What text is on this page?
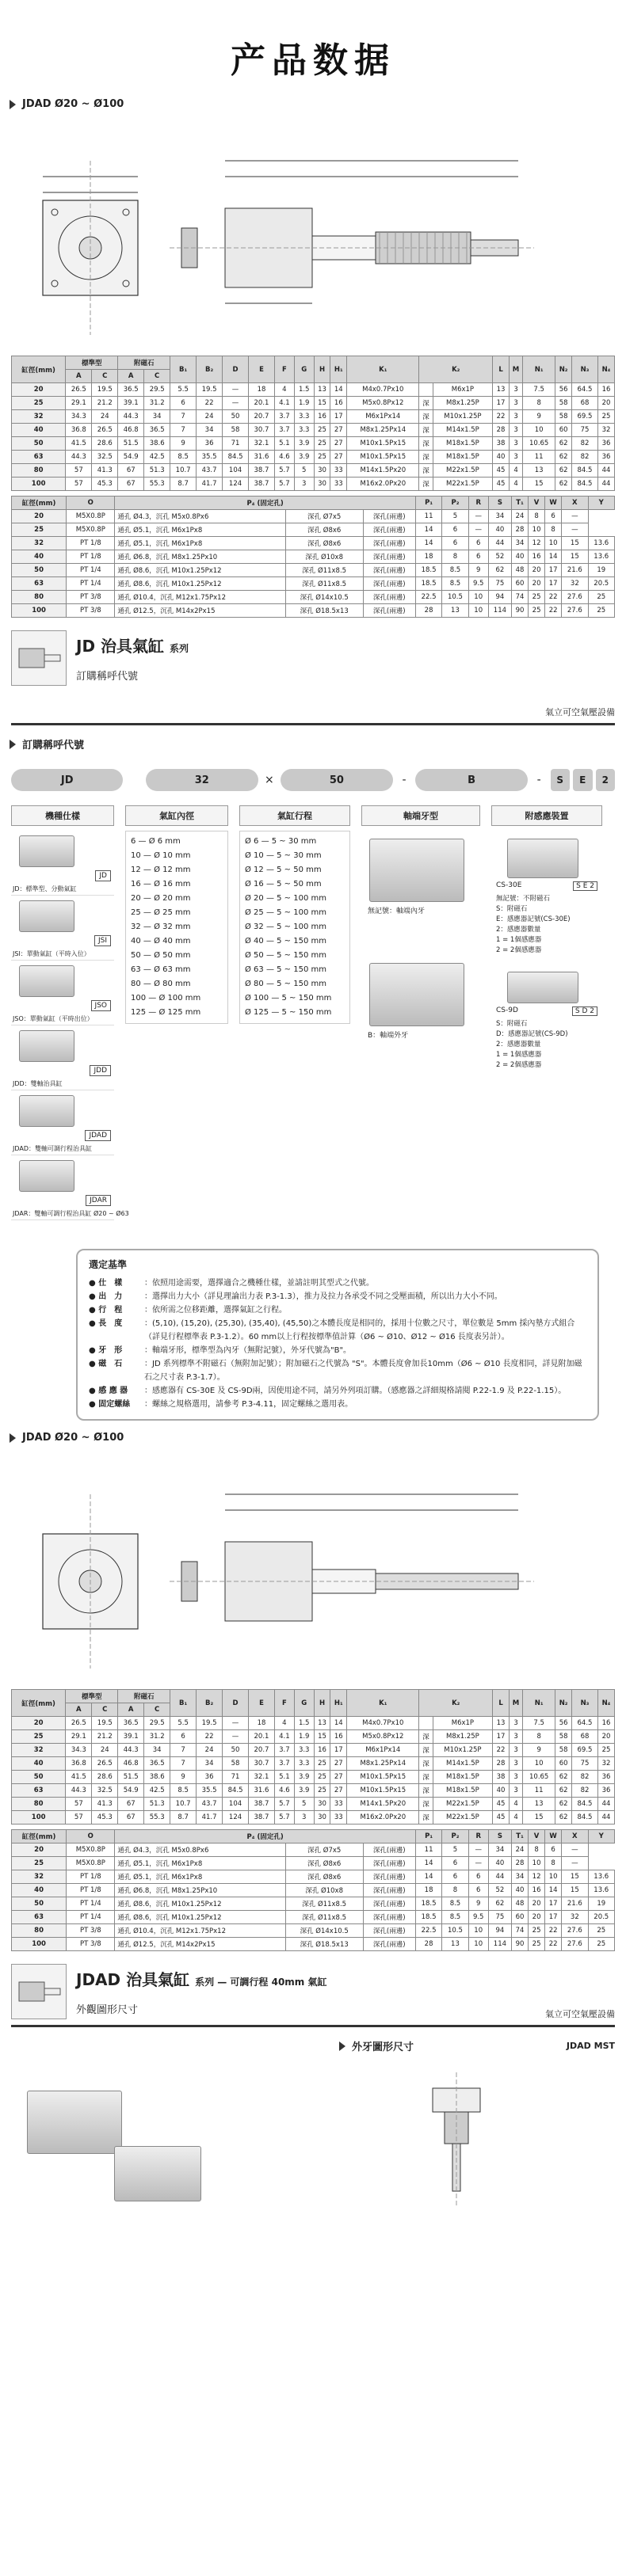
产品数据
JDAD Ø20 ~ Ø100
缸徑(mm)	標準型		附磁石		B₁	B₂	D	E	F	G	H	H₁	K₁	K₂		L	M	N₁	N₂	N₃	N₄
	A	C	A	C																	
20	26.5	19.5	36.5	29.5	5.5	19.5	—	18	4	1.5	13	14	M4x0.7Px10		M6x1P	13	3	7.5	56	64.5	16
25	29.1	21.2	39.1	31.2	6	22	—	20.1	4.1	1.9	15	16	M5x0.8Px12	深	M8x1.25P	17	3	8	58	68	20
32	34.3	24	44.3	34	7	24	50	20.7	3.7	3.3	16	17	M6x1Px14	深	M10x1.25P	22	3	9	58	69.5	25
40	36.8	26.5	46.8	36.5	7	34	58	30.7	3.7	3.3	25	27	M8x1.25Px14	深	M14x1.5P	28	3	10	60	75	32
50	41.5	28.6	51.5	38.6	9	36	71	32.1	5.1	3.9	25	27	M10x1.5Px15	深	M18x1.5P	38	3	10.65	62	82	36
63	44.3	32.5	54.9	42.5	8.5	35.5	84.5	31.6	4.6	3.9	25	27	M10x1.5Px15	深	M18x1.5P	40	3	11	62	82	36
80	57	41.3	67	51.3	10.7	43.7	104	38.7	5.7	5	30	33	M14x1.5Px20	深	M22x1.5P	45	4	13	62	84.5	44
100	57	45.3	67	55.3	8.7	41.7	124	38.7	5.7	3	30	33	M16x2.0Px20	深	M22x1.5P	45	4	15	62	84.5	44
缸徑(mm)	O	P₄ (固定孔)			P₁	P₂	R	S	T₁	V	W	X	Y
20	M5X0.8P	通孔 Ø4.3，沉孔 M5x0.8Px6	深孔 Ø7x5	深孔(兩邊)	11	5	—	34	24	8	6	—	
25	M5X0.8P	通孔 Ø5.1，沉孔 M6x1Px8	深孔 Ø8x6	深孔(兩邊)	14	6	—	40	28	10	8	—	
32	PT 1/8	通孔 Ø5.1，沉孔 M6x1Px8	深孔 Ø8x6	深孔(兩邊)	14	6	6	44	34	12	10	15	13.6
40	PT 1/8	通孔 Ø6.8，沉孔 M8x1.25Px10	深孔 Ø10x8	深孔(兩邊)	18	8	6	52	40	16	14	15	13.6
50	PT 1/4	通孔 Ø8.6，沉孔 M10x1.25Px12	深孔 Ø11x8.5	深孔(兩邊)	18.5	8.5	9	62	48	20	17	21.6	19
63	PT 1/4	通孔 Ø8.6，沉孔 M10x1.25Px12	深孔 Ø11x8.5	深孔(兩邊)	18.5	8.5	9.5	75	60	20	17	32	20.5
80	PT 3/8	通孔 Ø10.4，沉孔 M12x1.75Px12	深孔 Ø14x10.5	深孔(兩邊)	22.5	10.5	10	94	74	25	22	27.6	25
100	PT 3/8	通孔 Ø12.5，沉孔 M14x2Px15	深孔 Ø18.5x13	深孔(兩邊)	28	13	10	114	90	25	22	27.6	25
JD 治具氣缸 系列
訂購稱呼代號
氣立可空氣壓設備
訂購稱呼代號
JD	32	×	50	-	B	-	S	E	2
機種仕樣	氣缸內徑	氣缸行程	軸端牙型	附感應裝置
JD
JD：標準型、分動氣缸
JSI
JSI：單動氣缸（平時入位）
JSO
JSO：單動氣缸（平時出位）
JDD
JDD：雙軸治具缸
JDAD
JDAD：雙軸可調行程治具缸
JDAR
JDAR：雙軸可調行程治具缸 Ø20 ~ Ø63
6 — Ø 6 mm
10 — Ø 10 mm
12 — Ø 12 mm
16 — Ø 16 mm
20 — Ø 20 mm
25 — Ø 25 mm
32 — Ø 32 mm
40 — Ø 40 mm
50 — Ø 50 mm
63 — Ø 63 mm
80 — Ø 80 mm
100 — Ø 100 mm
125 — Ø 125 mm
Ø 6 — 5 ~ 30 mm
Ø 10 — 5 ~ 30 mm
Ø 12 — 5 ~ 50 mm
Ø 16 — 5 ~ 50 mm
Ø 20 — 5 ~ 100 mm
Ø 25 — 5 ~ 100 mm
Ø 32 — 5 ~ 100 mm
Ø 40 — 5 ~ 150 mm
Ø 50 — 5 ~ 150 mm
Ø 63 — 5 ~ 150 mm
Ø 80 — 5 ~ 150 mm
Ø 100 — 5 ~ 150 mm
Ø 125 — 5 ~ 150 mm
無記號：軸端內牙
B：軸端外牙
CS-30E	S E 2
無記號：不附磁石
S：附磁石
E：感應器記號(CS-30E)
2：感應器數量
1 = 1個感應器
2 = 2個感應器
CS-9D	S D 2
S：附磁石
D：感應器記號(CS-9D)
2：感應器數量
1 = 1個感應器
2 = 2個感應器
選定基準
● 仕　樣	：依照用途需要，選擇適合之機種仕樣，並請註明其型式之代號。
● 出　力	：選擇出力大小（詳見理論出力表 P.3-1.3），推力及拉力各承受不同之受壓面積，所以出力大小不同。
● 行　程	：依所需之位移距離，選擇氣缸之行程。
● 長　度	：(5,10), (15,20), (25,30), (35,40), (45,50)之本體長度是相同的，採用十位數之尺寸，單位數是 5mm 採內墊方式組合（詳見行程標準表 P.3-1.2）。60 mm以上行程按標準值計算（Ø6 ~ Ø10、Ø12 ~ Ø16 長度表另計）。
● 牙　形	：軸端牙形，標準型為內牙（無附記號），外牙代號為"B"。
● 磁　石	：JD 系列標準不附磁石（無附加記號）；附加磁石之代號為 "S"。本體長度會加長10mm（Ø6 ~ Ø10 長度相同，詳見附加磁石之尺寸表 P.3-1.7）。
● 感 應 器	：感應器有 CS-30E 及 CS-9D兩，因使用途不同，請另外列項訂購。（感應器之詳細規格請閱 P.22-1.9 及 P.22-1.15）。
● 固定螺絲	：螺絲之規格選用，請參考 P.3-4.11，固定螺絲之選用表。
JDAD Ø20 ~ Ø100
缸徑(mm)	標準型		附磁石		B₁	B₂	D	E	F	G	H	H₁	K₁	K₂		L	M	N₁	N₂	N₃	N₄
	A	C	A	C																	
20	26.5	19.5	36.5	29.5	5.5	19.5	—	18	4	1.5	13	14	M4x0.7Px10		M6x1P	13	3	7.5	56	64.5	16
25	29.1	21.2	39.1	31.2	6	22	—	20.1	4.1	1.9	15	16	M5x0.8Px12	深	M8x1.25P	17	3	8	58	68	20
32	34.3	24	44.3	34	7	24	50	20.7	3.7	3.3	16	17	M6x1Px14	深	M10x1.25P	22	3	9	58	69.5	25
40	36.8	26.5	46.8	36.5	7	34	58	30.7	3.7	3.3	25	27	M8x1.25Px14	深	M14x1.5P	28	3	10	60	75	32
50	41.5	28.6	51.5	38.6	9	36	71	32.1	5.1	3.9	25	27	M10x1.5Px15	深	M18x1.5P	38	3	10.65	62	82	36
63	44.3	32.5	54.9	42.5	8.5	35.5	84.5	31.6	4.6	3.9	25	27	M10x1.5Px15	深	M18x1.5P	40	3	11	62	82	36
80	57	41.3	67	51.3	10.7	43.7	104	38.7	5.7	5	30	33	M14x1.5Px20	深	M22x1.5P	45	4	13	62	84.5	44
100	57	45.3	67	55.3	8.7	41.7	124	38.7	5.7	3	30	33	M16x2.0Px20	深	M22x1.5P	45	4	15	62	84.5	44
缸徑(mm)	O	P₄ (固定孔)			P₁	P₂	R	S	T₁	V	W	X	Y
20	M5X0.8P	通孔 Ø4.3，沉孔 M5x0.8Px6	深孔 Ø7x5	深孔(兩邊)	11	5	—	34	24	8	6	—	
25	M5X0.8P	通孔 Ø5.1，沉孔 M6x1Px8	深孔 Ø8x6	深孔(兩邊)	14	6	—	40	28	10	8	—	
32	PT 1/8	通孔 Ø5.1，沉孔 M6x1Px8	深孔 Ø8x6	深孔(兩邊)	14	6	6	44	34	12	10	15	13.6
40	PT 1/8	通孔 Ø6.8，沉孔 M8x1.25Px10	深孔 Ø10x8	深孔(兩邊)	18	8	6	52	40	16	14	15	13.6
50	PT 1/4	通孔 Ø8.6，沉孔 M10x1.25Px12	深孔 Ø11x8.5	深孔(兩邊)	18.5	8.5	9	62	48	20	17	21.6	19
63	PT 1/4	通孔 Ø8.6，沉孔 M10x1.25Px12	深孔 Ø11x8.5	深孔(兩邊)	18.5	8.5	9.5	75	60	20	17	32	20.5
80	PT 3/8	通孔 Ø10.4，沉孔 M12x1.75Px12	深孔 Ø14x10.5	深孔(兩邊)	22.5	10.5	10	94	74	25	22	27.6	25
100	PT 3/8	通孔 Ø12.5，沉孔 M14x2Px15	深孔 Ø18.5x13	深孔(兩邊)	28	13	10	114	90	25	22	27.6	25
JDAD 治具氣缸 系列 — 可調行程 40mm 氣缸
外觀圖形尺寸	氣立可空氣壓設備
外牙圖形尺寸	JDAD MST
